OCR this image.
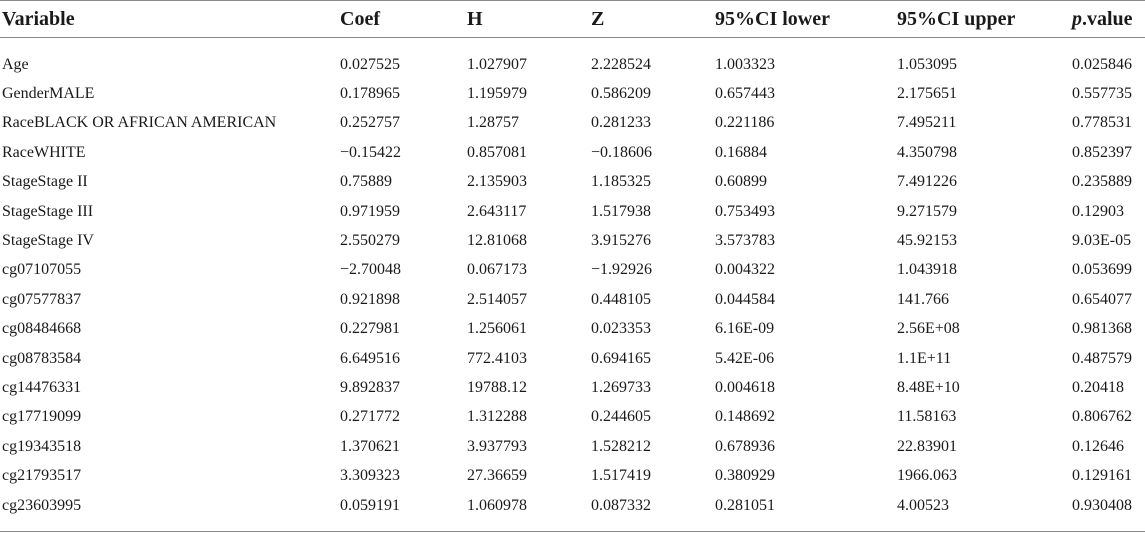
Variable	Coef	H	Z	95%CI lower	95%CI upper	p.value

Age	0.027525	1.027907	2.228524	1.003323	1.053095	0.025846
GenderMALE	0.178965	1.195979	0.586209	0.657443	2.175651	0.557735
RaceBLACK OR AFRICAN AMERICAN	0.252757	1.28757	0.281233	0.221186	7.495211	0.778531
RaceWHITE	−0.15422	0.857081	−0.18606	0.16884	4.350798	0.852397
StageStage II	0.75889	2.135903	1.185325	0.60899	7.491226	0.235889
StageStage III	0.971959	2.643117	1.517938	0.753493	9.271579	0.12903
StageStage IV	2.550279	12.81068	3.915276	3.573783	45.92153	9.03E-05
cg07107055	−2.70048	0.067173	−1.92926	0.004322	1.043918	0.053699
cg07577837	0.921898	2.514057	0.448105	0.044584	141.766	0.654077
cg08484668	0.227981	1.256061	0.023353	6.16E-09	2.56E+08	0.981368
cg08783584	6.649516	772.4103	0.694165	5.42E-06	1.1E+11	0.487579
cg14476331	9.892837	19788.12	1.269733	0.004618	8.48E+10	0.20418
cg17719099	0.271772	1.312288	0.244605	0.148692	11.58163	0.806762
cg19343518	1.370621	3.937793	1.528212	0.678936	22.83901	0.12646
cg21793517	3.309323	27.36659	1.517419	0.380929	1966.063	0.129161
cg23603995	0.059191	1.060978	0.087332	0.281051	4.00523	0.930408
